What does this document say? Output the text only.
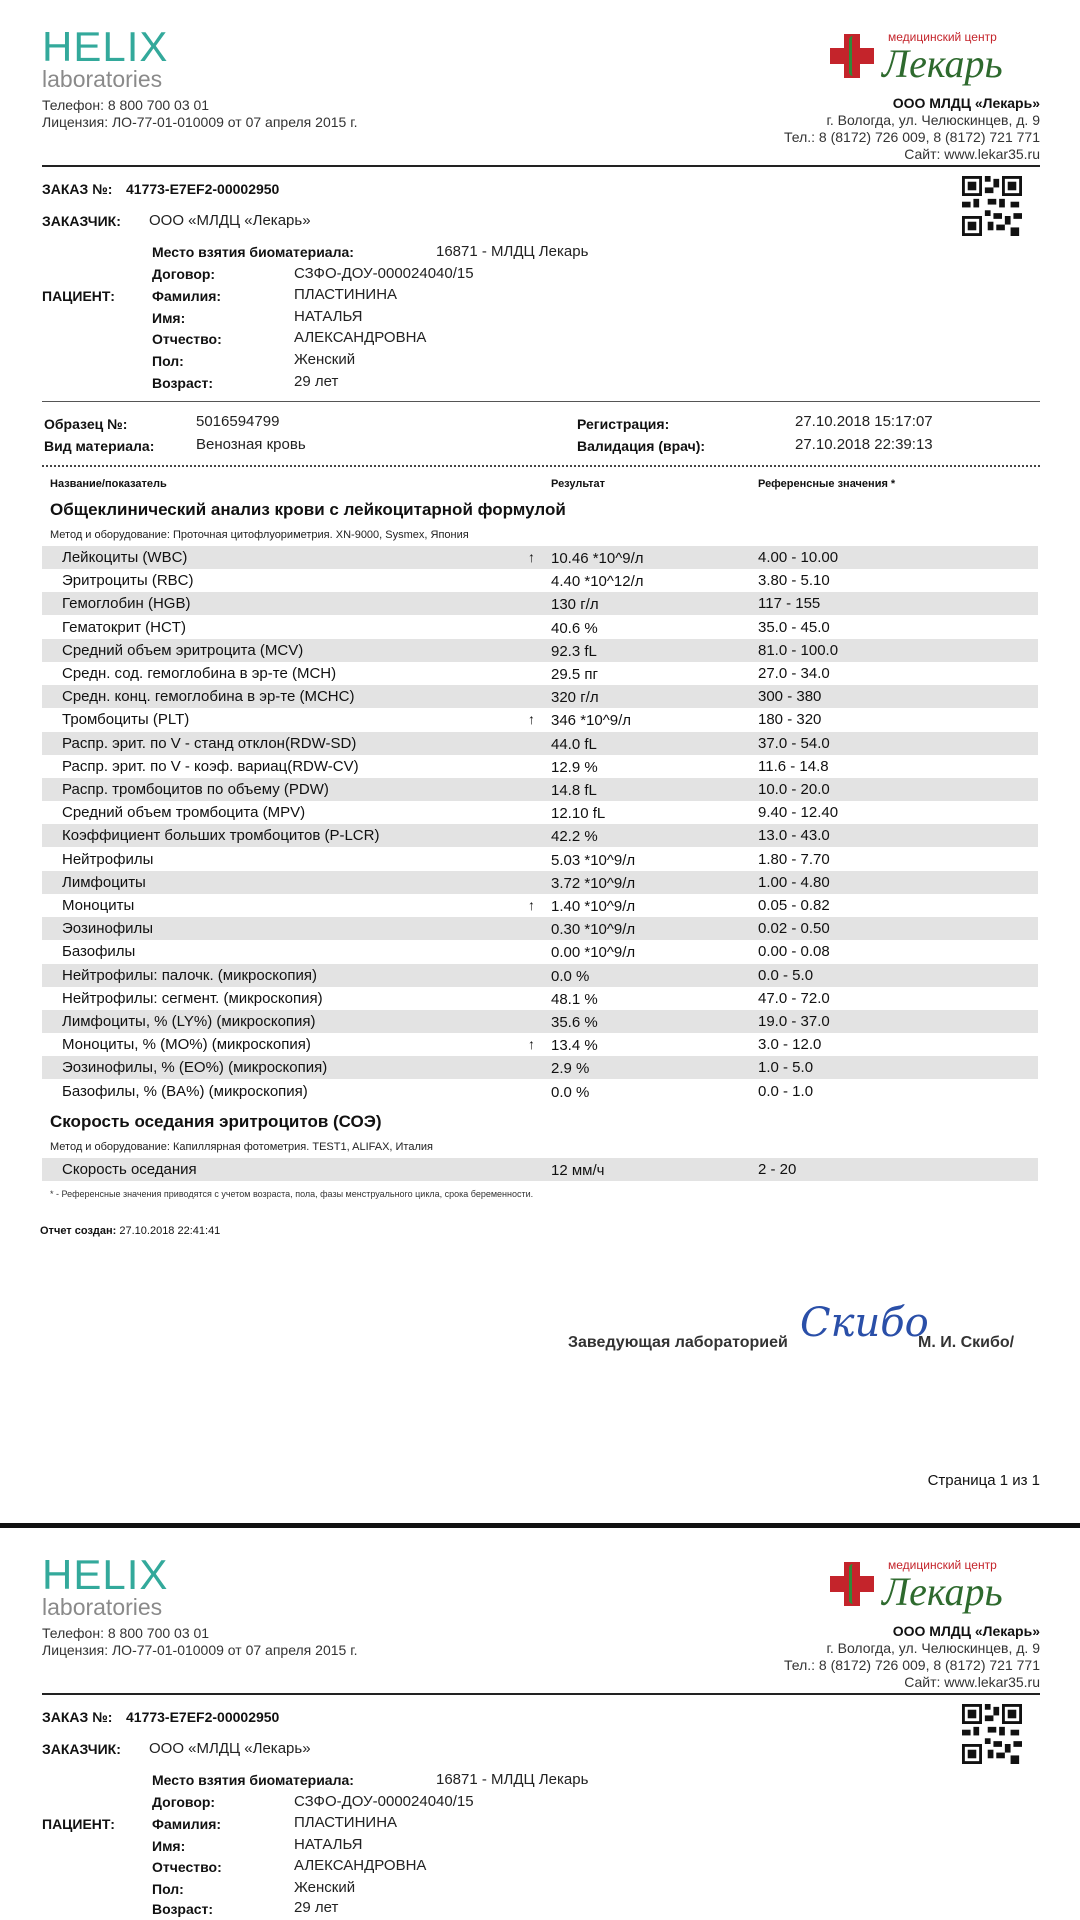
HELIX
laboratories
Телефон: 8 800 700 03 01
Лицензия: ЛО-77-01-010009 от 07 апреля 2015 г.
медицинский центр
Лекарь
ООО МЛДЦ «Лекарь»
г. Вологда, ул. Челюскинцев, д. 9
Тел.: 8 (8172) 726 009, 8 (8172) 721 771
Сайт: www.lekar35.ru
ЗАКАЗ №: 41773-E7EF2-00002950
ЗАКАЗЧИК: ООО «МЛДЦ «Лекарь»
Место взятия биоматериала:	16871 - МЛДЦ Лекарь
Договор:	СЗФО-ДОУ-000024040/15
ПАЦИЕНТ:	Фамилия:	ПЛАСТИНИНА
Имя:	НАТАЛЬЯ
Отчество:	АЛЕКСАНДРОВНА
Пол:	Женский
Возраст:	29 лет
Образец №:	5016594799
Вид материала:	Венозная кровь
Регистрация:	27.10.2018 15:17:07
Валидация (врач):	27.10.2018 22:39:13
Название/показатель	Результат	Референсные значения *
Общеклинический анализ крови с лейкоцитарной формулой
Метод и оборудование: Проточная цитофлуориметрия. XN-9000, Sysmex, Япония
Лейкоциты (WBC)	↑ 10.46 *10^9/л	4.00 - 10.00
Эритроциты (RBC)	4.40 *10^12/л	3.80 - 5.10
Гемоглобин (HGB)	130 г/л	117 - 155
Гематокрит (HCT)	40.6 %	35.0 - 45.0
Средний объем эритроцита (MCV)	92.3 fL	81.0 - 100.0
Средн. сод. гемоглобина в эр-те (MCH)	29.5 пг	27.0 - 34.0
Средн. конц. гемоглобина в эр-те (MCHC)	320 г/л	300 - 380
Тромбоциты (PLT)	↑ 346 *10^9/л	180 - 320
Распр. эрит. по V - станд отклон(RDW-SD)	44.0 fL	37.0 - 54.0
Распр. эрит. по V - коэф. вариац(RDW-CV)	12.9 %	11.6 - 14.8
Распр. тромбоцитов по объему (PDW)	14.8 fL	10.0 - 20.0
Средний объем тромбоцита (MPV)	12.10 fL	9.40 - 12.40
Коэффициент больших тромбоцитов (P-LCR)	42.2 %	13.0 - 43.0
Нейтрофилы	5.03 *10^9/л	1.80 - 7.70
Лимфоциты	3.72 *10^9/л	1.00 - 4.80
Моноциты	↑ 1.40 *10^9/л	0.05 - 0.82
Эозинофилы	0.30 *10^9/л	0.02 - 0.50
Базофилы	0.00 *10^9/л	0.00 - 0.08
Нейтрофилы: палочк. (микроскопия)	0.0 %	0.0 - 5.0
Нейтрофилы: сегмент. (микроскопия)	48.1 %	47.0 - 72.0
Лимфоциты, % (LY%) (микроскопия)	35.6 %	19.0 - 37.0
Моноциты, % (MO%) (микроскопия)	↑ 13.4 %	3.0 - 12.0
Эозинофилы, % (EO%) (микроскопия)	2.9 %	1.0 - 5.0
Базофилы, % (BA%) (микроскопия)	0.0 %	0.0 - 1.0
Скорость оседания эритроцитов (СОЭ)
Метод и оборудование: Капиллярная фотометрия. TEST1, ALIFAX, Италия
Скорость оседания	12 мм/ч	2 - 20
* - Референсные значения приводятся с учетом возраста, пола, фазы менструального цикла, срока беременности.
Отчет создан: 27.10.2018 22:41:41
Заведующая лабораторией Скибо
М. И. Скибо/
Страница 1 из 1
HELIX
laboratories
Телефон: 8 800 700 03 01
Лицензия: ЛО-77-01-010009 от 07 апреля 2015 г.
медицинский центр
Лекарь
ООО МЛДЦ «Лекарь»
г. Вологда, ул. Челюскинцев, д. 9
Тел.: 8 (8172) 726 009, 8 (8172) 721 771
Сайт: www.lekar35.ru
ЗАКАЗ №: 41773-E7EF2-00002950
ЗАКАЗЧИК: ООО «МЛДЦ «Лекарь»
Место взятия биоматериала:	16871 - МЛДЦ Лекарь
Договор:	СЗФО-ДОУ-000024040/15
ПАЦИЕНТ:	Фамилия:	ПЛАСТИНИНА
Имя:	НАТАЛЬЯ
Отчество:	АЛЕКСАНДРОВНА
Пол:	Женский
Возраст:	29 лет
